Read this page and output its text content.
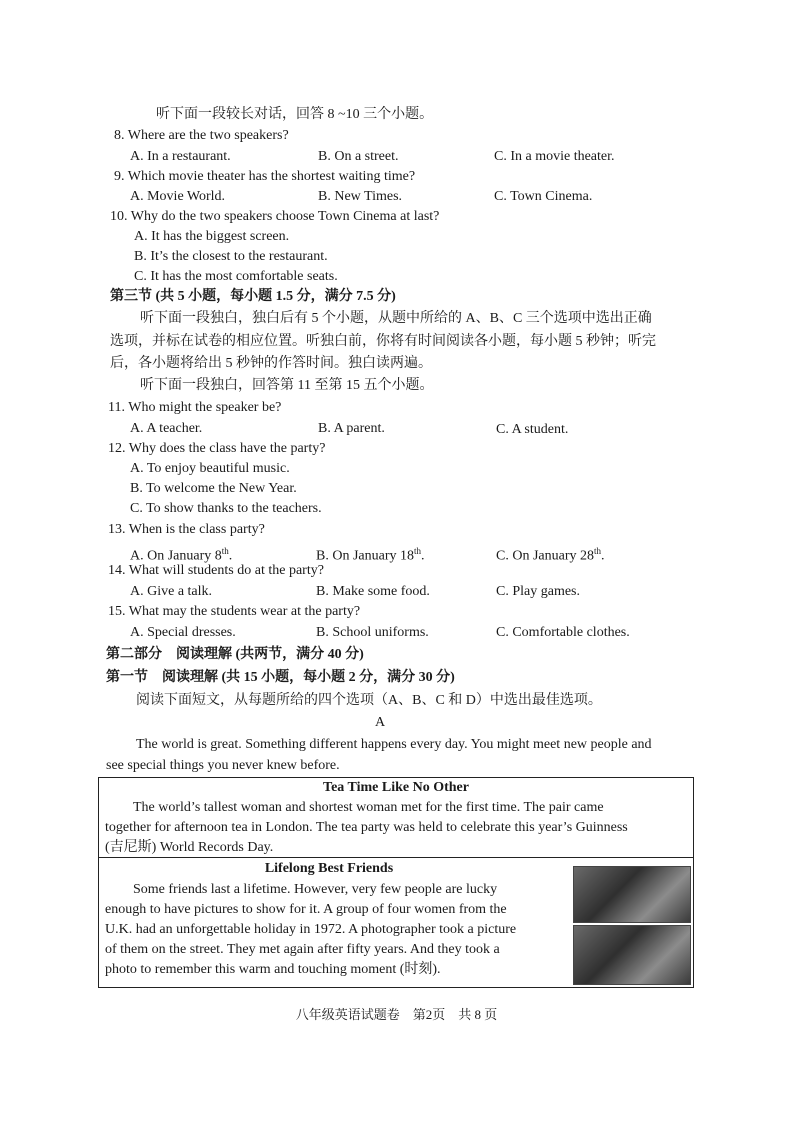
听下面一段较长对话，回答 8 ~10 三个小题。
8. Where are the two speakers?
A. In a restaurant.	B. On a street.	C. In a movie theater.
9. Which movie theater has the shortest waiting time?
A. Movie World.	B. New Times.	C. Town Cinema.
10. Why do the two speakers choose Town Cinema at last?
A. It has the biggest screen.
B. It’s the closest to the restaurant.
C. It has the most comfortable seats.
第三节 (共 5 小题，每小题 1.5 分，满分 7.5 分)
听下面一段独白，独白后有 5 个小题，从题中所给的 A、B、C 三个选项中选出正确
选项，并标在试卷的相应位置。听独白前，你将有时间阅读各小题，每小题 5 秒钟；听完
后，各小题将给出 5 秒钟的作答时间。独白读两遍。
听下面一段独白，回答第 11 至第 15 五个小题。
11. Who might the speaker be?
A. A teacher.	B. A parent.	C. A student.
12. Why does the class have the party?
A. To enjoy beautiful music.
B. To welcome the New Year.
C. To show thanks to the teachers.
13. When is the class party?
A. On January 8th.	B. On January 18th.	C. On January 28th.
14. What will students do at the party?
A. Give a talk.	B. Make some food.	C. Play games.
15. What may the students wear at the party?
A. Special dresses.	B. School uniforms.	C. Comfortable clothes.
第二部分　阅读理解 (共两节，满分 40 分)
第一节　阅读理解 (共 15 小题，每小题 2 分，满分 30 分)
阅读下面短文，从每题所给的四个选项（A、B、C 和 D）中选出最佳选项。
A
The world is great. Something different happens every day. You might meet new people and
see special things you never knew before.
Tea Time Like No Other
The world’s tallest woman and shortest woman met for the first time. The pair came
together for afternoon tea in London. The tea party was held to celebrate this year’s Guinness
(吉尼斯) World Records Day.
Lifelong Best Friends
Some friends last a lifetime. However, very few people are lucky
enough to have pictures to show for it. A group of four women from the
U.K. had an unforgettable holiday in 1972. A photographer took a picture
of them on the street. They met again after fifty years. And they took a
photo to remember this warm and touching moment (时刻).
八年级英语试题卷　第2页　共 8 页
